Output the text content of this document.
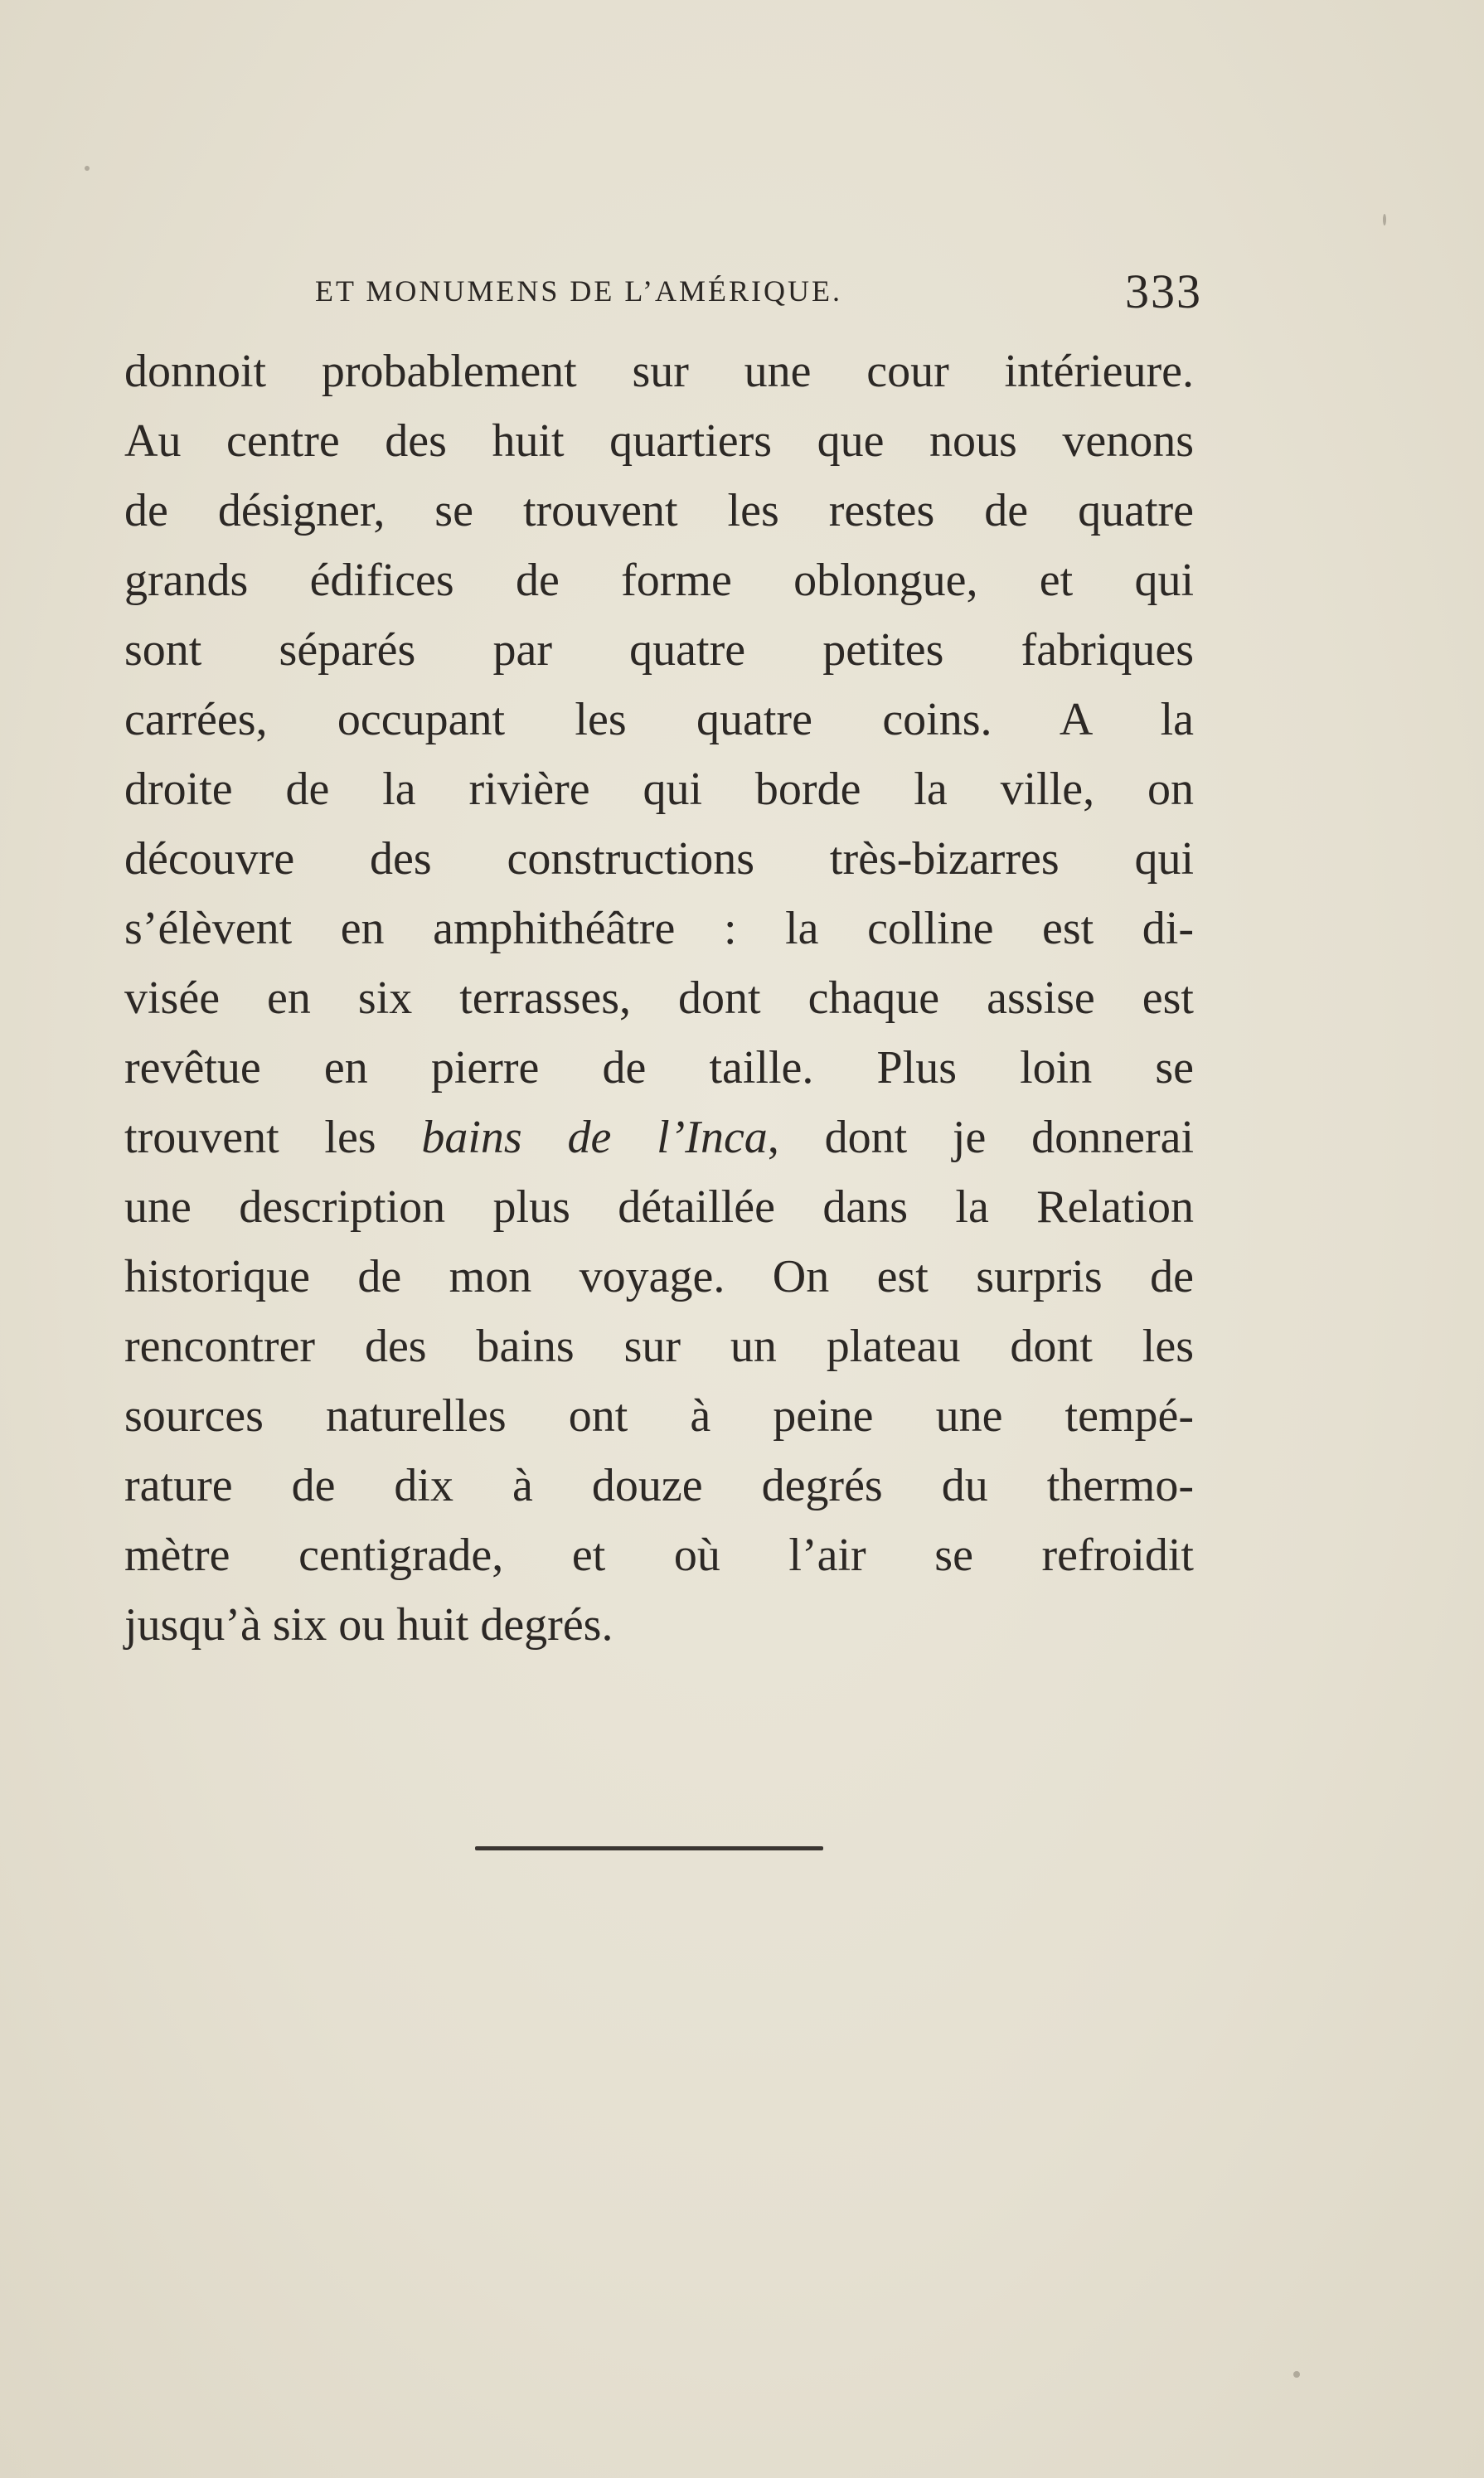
ET MONUMENS DE L’AMÉRIQUE.	333
donnoit probablement sur une cour intérieure.
Au centre des huit quartiers que nous venons
de désigner, se trouvent les restes de quatre
grands édifices de forme oblongue, et qui
sont séparés par quatre petites fabriques
carrées, occupant les quatre coins. A la
droite de la rivière qui borde la ville, on
découvre des constructions très-bizarres qui
s’élèvent en amphithéâtre : la colline est di-
visée en six terrasses, dont chaque assise est
revêtue en pierre de taille. Plus loin se
trouvent les bains de l’Inca, dont je donnerai
une description plus détaillée dans la Relation
historique de mon voyage. On est surpris de
rencontrer des bains sur un plateau dont les
sources naturelles ont à peine une tempé-
rature de dix à douze degrés du thermo-
mètre centigrade, et où l’air se refroidit
jusqu’à six ou huit degrés.
